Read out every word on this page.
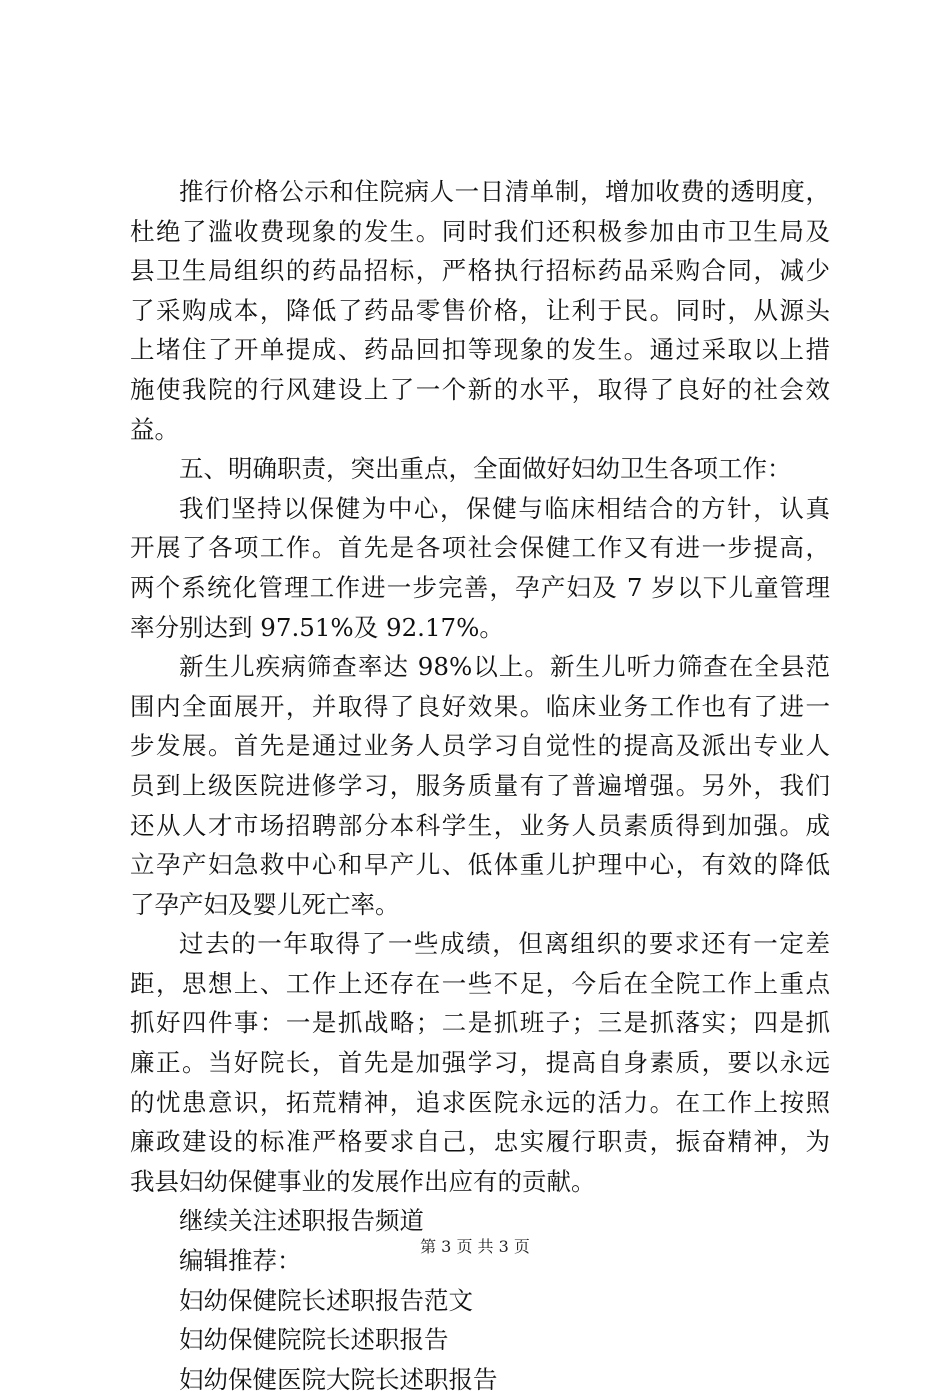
推行价格公示和住院病人一日清单制，增加收费的透明度，
杜绝了滥收费现象的发生。同时我们还积极参加由市卫生局及
县卫生局组织的药品招标，严格执行招标药品采购合同，减少
了采购成本，降低了药品零售价格，让利于民。同时，从源头
上堵住了开单提成、药品回扣等现象的发生。通过采取以上措
施使我院的行风建设上了一个新的水平，取得了良好的社会效
益。
五、明确职责，突出重点，全面做好妇幼卫生各项工作：
我们坚持以保健为中心，保健与临床相结合的方针，认真
开展了各项工作。首先是各项社会保健工作又有进一步提高，
两个系统化管理工作进一步完善，孕产妇及 7 岁以下儿童管理
率分别达到 97.51%及 92.17%。
新生儿疾病筛查率达 98%以上。新生儿听力筛查在全县范
围内全面展开，并取得了良好效果。临床业务工作也有了进一
步发展。首先是通过业务人员学习自觉性的提高及派出专业人
员到上级医院进修学习，服务质量有了普遍增强。另外，我们
还从人才市场招聘部分本科学生，业务人员素质得到加强。成
立孕产妇急救中心和早产儿、低体重儿护理中心，有效的降低
了孕产妇及婴儿死亡率。
过去的一年取得了一些成绩，但离组织的要求还有一定差
距，思想上、工作上还存在一些不足，今后在全院工作上重点
抓好四件事：一是抓战略；二是抓班子；三是抓落实；四是抓
廉正。当好院长，首先是加强学习，提高自身素质，要以永远
的忧患意识，拓荒精神，追求医院永远的活力。在工作上按照
廉政建设的标准严格要求自己，忠实履行职责，振奋精神，为
我县妇幼保健事业的发展作出应有的贡献。
继续关注述职报告频道
编辑推荐：
妇幼保健院长述职报告范文
妇幼保健院院长述职报告
妇幼保健医院大院长述职报告
第 3 页 共 3 页
